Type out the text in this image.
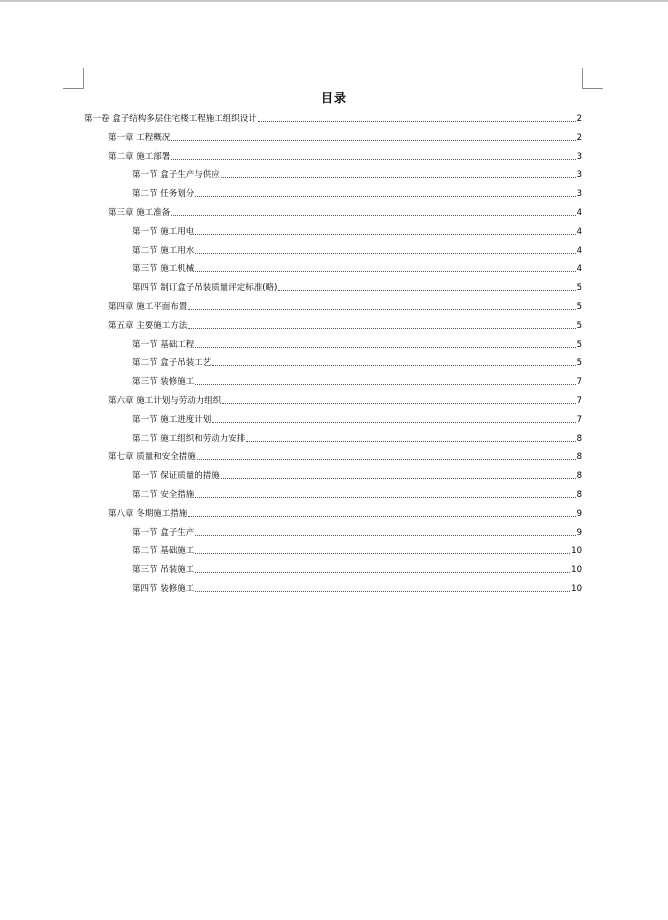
目录
第一卷 盒子结构多层住宅楼工程施工组织设计	2
第一章 工程概况	2
第二章 施工部署	3
第一节 盒子生产与供应	3
第二节 任务划分	3
第三章 施工准备	4
第一节 施工用电	4
第二节 施工用水	4
第三节 施工机械	4
第四节 制订盒子吊装质量评定标准(略)	5
第四章 施工平面布置	5
第五章 主要施工方法	5
第一节 基础工程	5
第二节 盒子吊装工艺	5
第三节 装修施工	7
第六章 施工计划与劳动力组织	7
第一节 施工进度计划	7
第二节 施工组织和劳动力安排	8
第七章 质量和安全措施	8
第一节 保证质量的措施	8
第二节 安全措施	8
第八章 冬期施工措施	9
第一节 盒子生产	9
第二节 基础施工	10
第三节 吊装施工	10
第四节 装修施工	10
